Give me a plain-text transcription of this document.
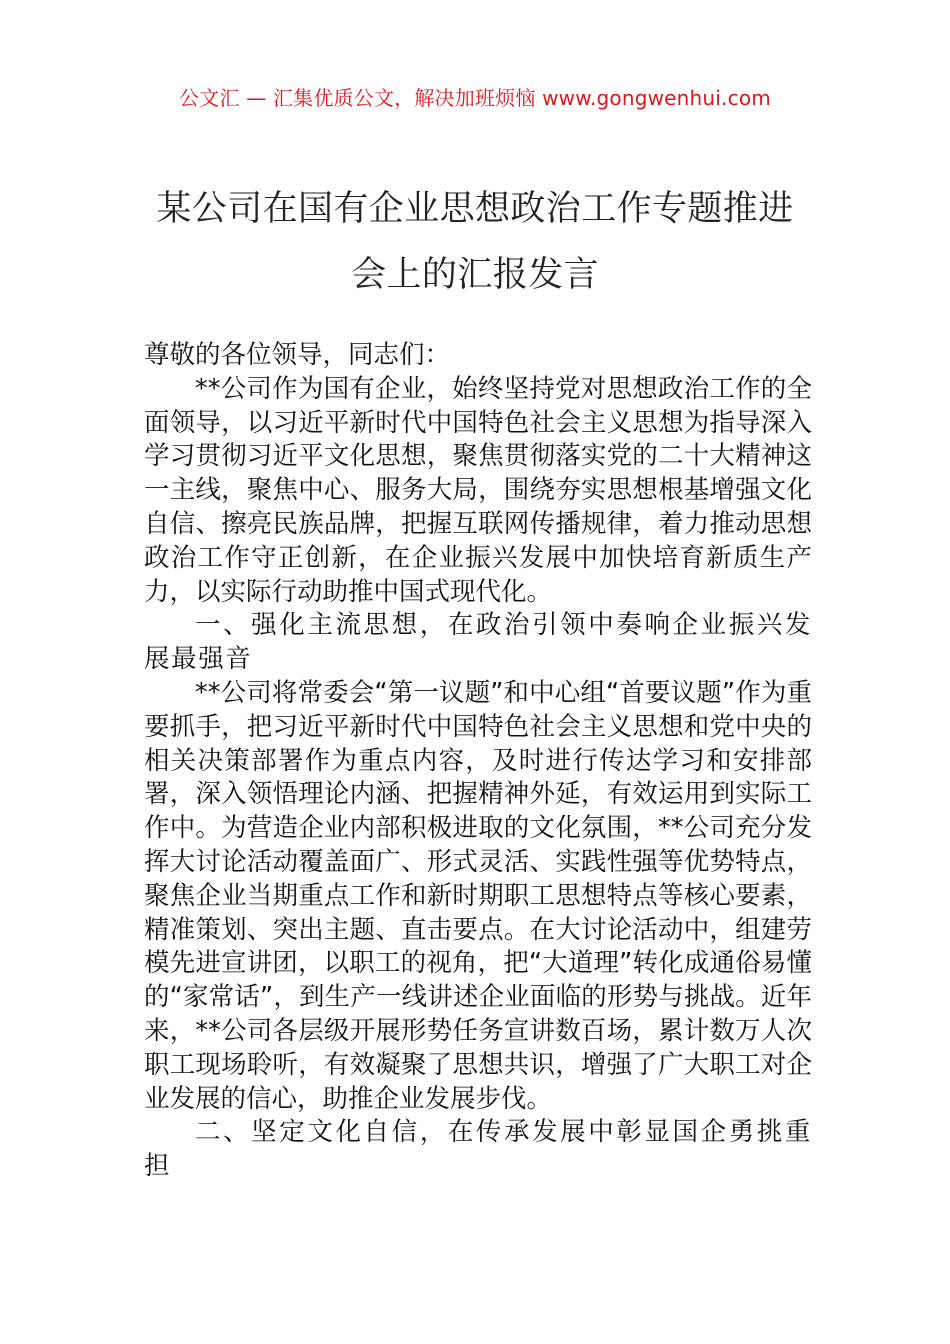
公文汇 — 汇集优质公文，解决加班烦恼 www.gongwenhui.com
某公司在国有企业思想政治工作专题推进
会上的汇报发言

尊敬的各位领导，同志们：

**公司作为国有企业，始终坚持党对思想政治工作的全面领导，以习近平新时代中国特色社会主义思想为指导深入学习贯彻习近平文化思想，聚焦贯彻落实党的二十大精神这一主线，聚焦中心、服务大局，围绕夯实思想根基增强文化自信、擦亮民族品牌，把握互联网传播规律，着力推动思想政治工作守正创新，在企业振兴发展中加快培育新质生产力，以实际行动助推中国式现代化。

一、强化主流思想，在政治引领中奏响企业振兴发展最强音

**公司将常委会“第一议题”和中心组“首要议题”作为重要抓手，把习近平新时代中国特色社会主义思想和党中央的相关决策部署作为重点内容，及时进行传达学习和安排部署，深入领悟理论内涵、把握精神外延，有效运用到实际工作中。为营造企业内部积极进取的文化氛围，**公司充分发挥大讨论活动覆盖面广、形式灵活、实践性强等优势特点，聚焦企业当期重点工作和新时期职工思想特点等核心要素，精准策划、突出主题、直击要点。在大讨论活动中，组建劳模先进宣讲团，以职工的视角，把“大道理”转化成通俗易懂的“家常话”，到生产一线讲述企业面临的形势与挑战。近年来，**公司各层级开展形势任务宣讲数百场，累计数万人次职工现场聆听，有效凝聚了思想共识，增强了广大职工对企业发展的信心，助推企业发展步伐。

二、坚定文化自信，在传承发展中彰显国企勇挑重担
